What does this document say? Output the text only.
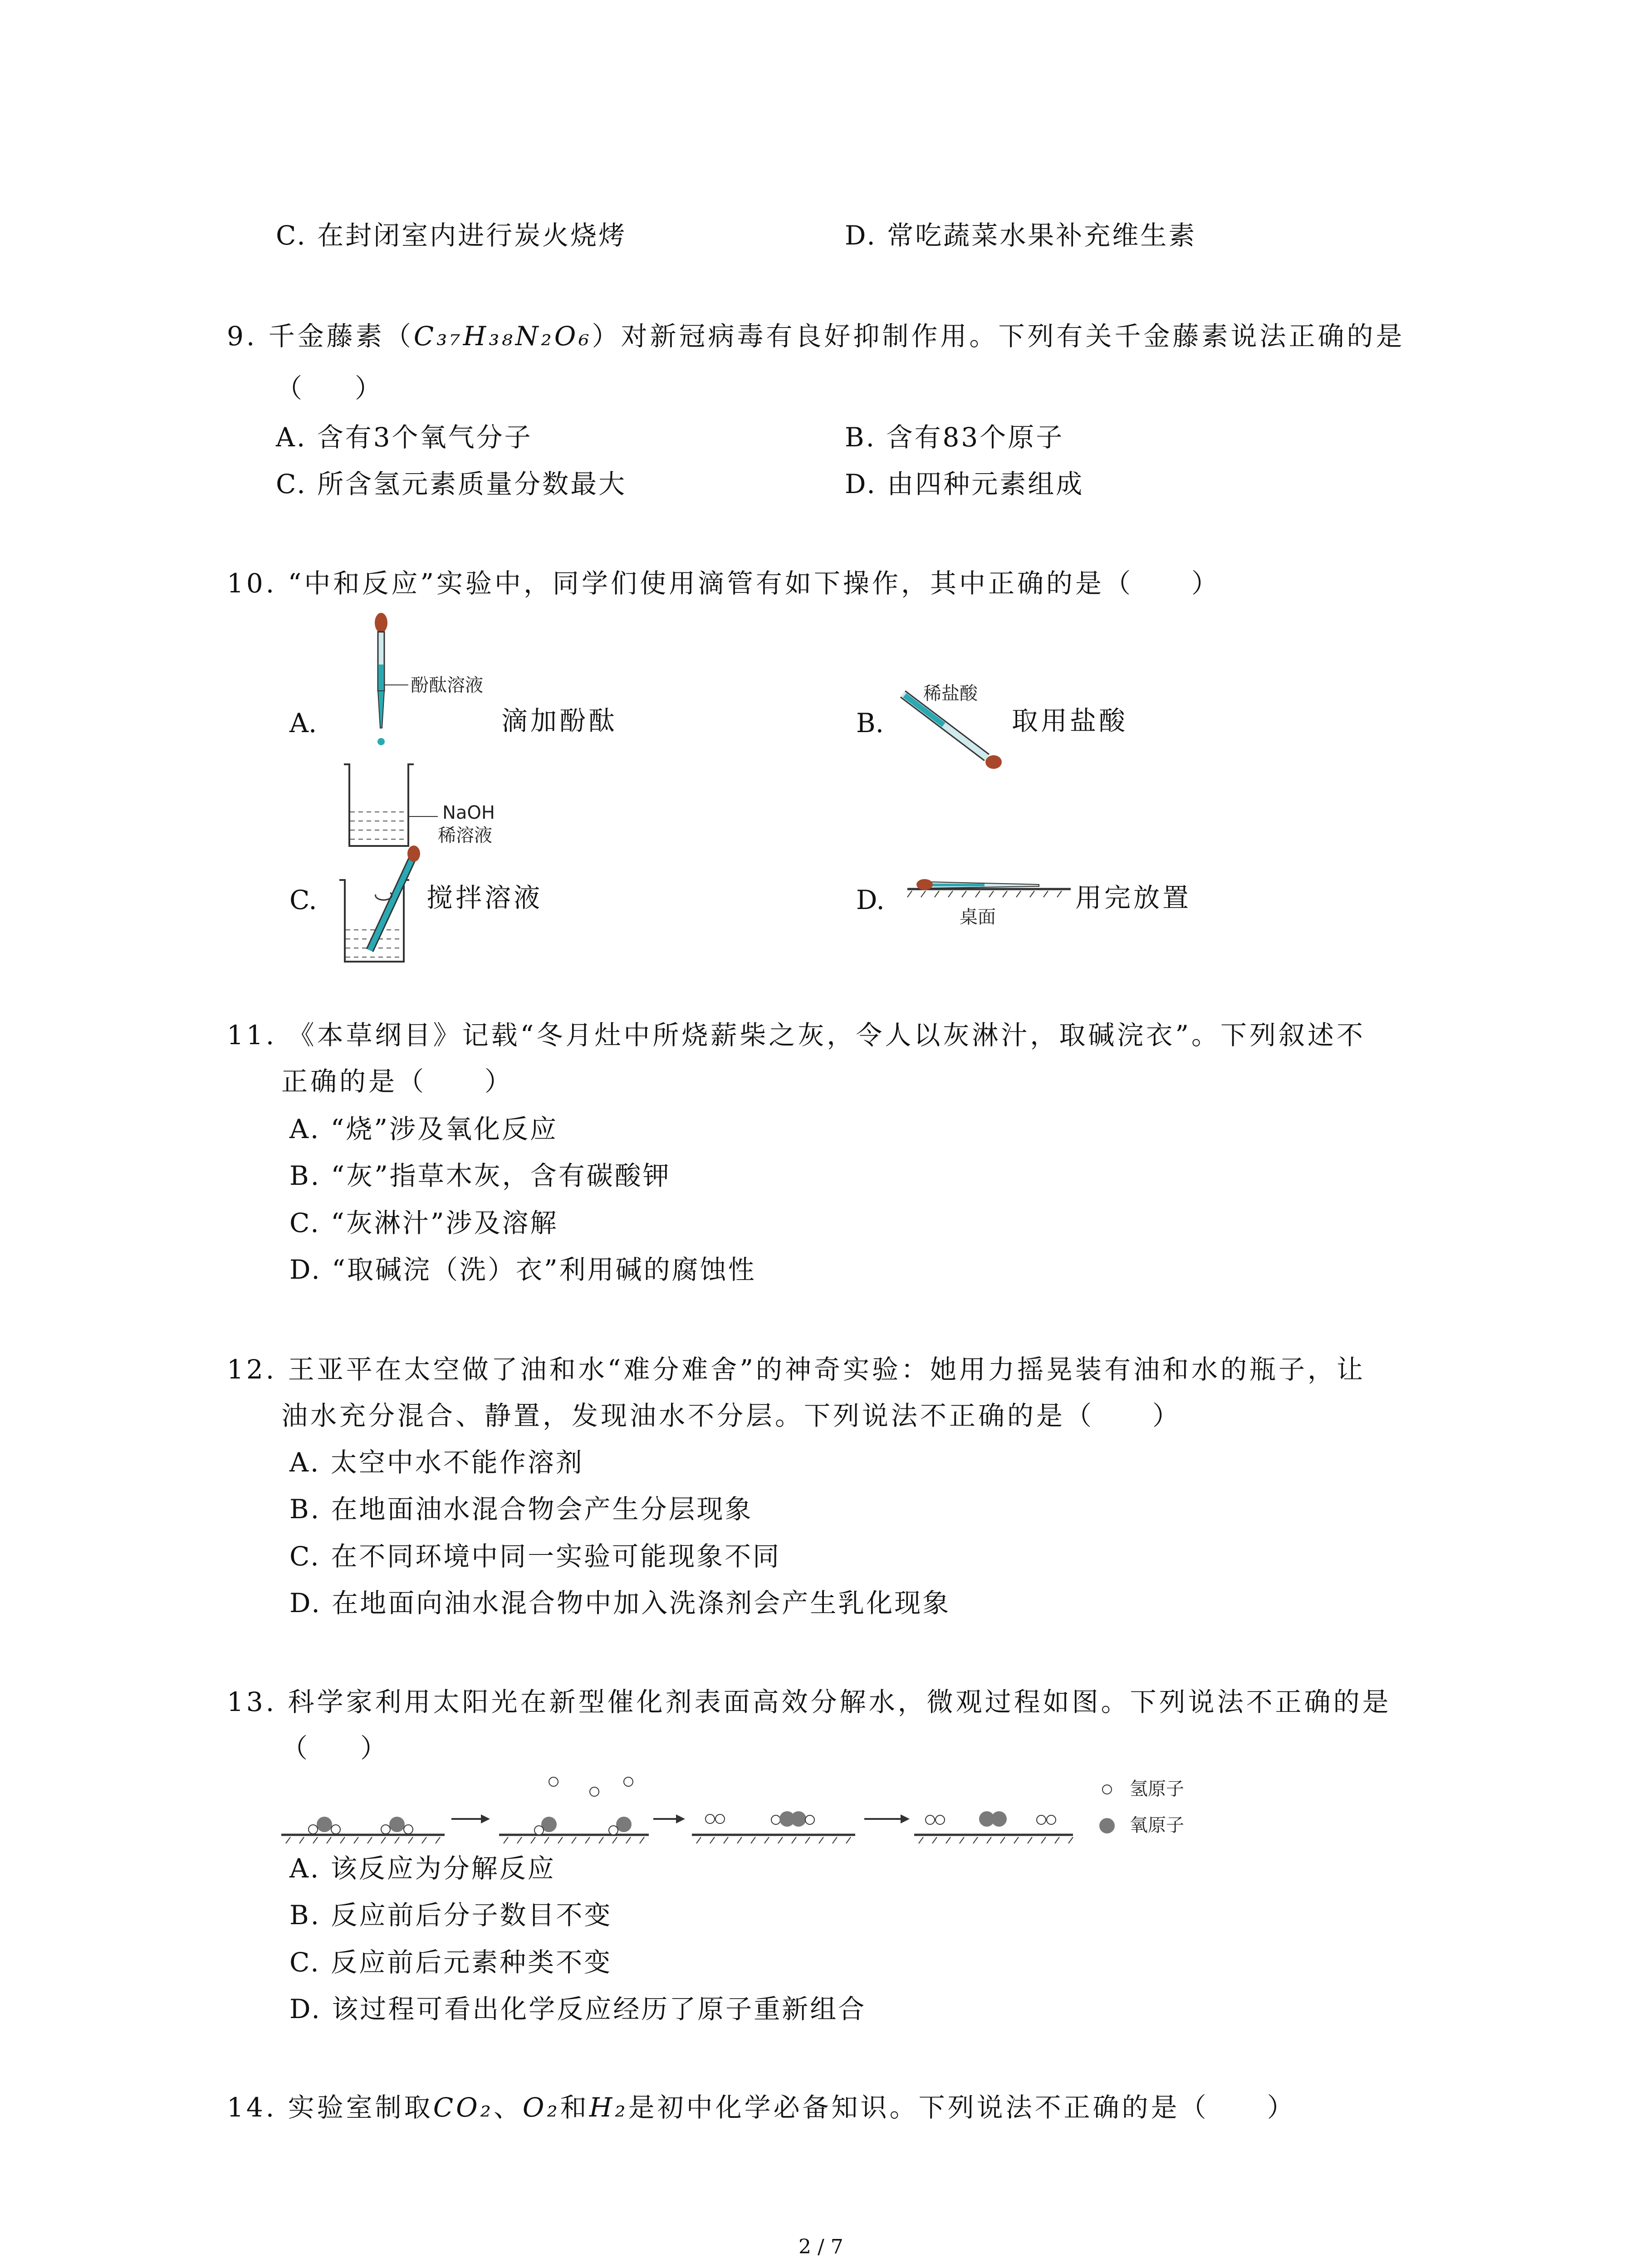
C. 在封闭室内进行炭火烧烤	D. 常吃蔬菜水果补充维生素
9. 千金藤素（C₃₇H₃₈N₂O₆）对新冠病毒有良好抑制作用。下列有关千金藤素说法正确的是
（　　）
A. 含有3个氧气分子	B. 含有83个原子
C. 所含氢元素质量分数最大	D. 由四种元素组成
10. “中和反应”实验中，同学们使用滴管有如下操作，其中正确的是（　　）
A.	滴加酚酞
酚酞溶液
NaOH
稀溶液
B.	取用盐酸
稀盐酸
C.	搅拌溶液	D.	用完放置
桌面
11. 《本草纲目》记载“冬月灶中所烧薪柴之灰，令人以灰淋汁，取碱浣衣”。下列叙述不
正确的是（　　）
A. “烧”涉及氧化反应
B. “灰”指草木灰，含有碳酸钾
C. “灰淋汁”涉及溶解
D. “取碱浣（洗）衣”利用碱的腐蚀性
12. 王亚平在太空做了油和水“难分难舍”的神奇实验：她用力摇晃装有油和水的瓶子，让
油水充分混合、静置，发现油水不分层。下列说法不正确的是（　　）
A. 太空中水不能作溶剂
B. 在地面油水混合物会产生分层现象
C. 在不同环境中同一实验可能现象不同
D. 在地面向油水混合物中加入洗涤剂会产生乳化现象
13. 科学家利用太阳光在新型催化剂表面高效分解水，微观过程如图。下列说法不正确的是
（　　）
氢原子
氧原子
A. 该反应为分解反应
B. 反应前后分子数目不变
C. 反应前后元素种类不变
D. 该过程可看出化学反应经历了原子重新组合
14. 实验室制取CO₂、O₂和H₂是初中化学必备知识。下列说法不正确的是（　　）
2 / 7
